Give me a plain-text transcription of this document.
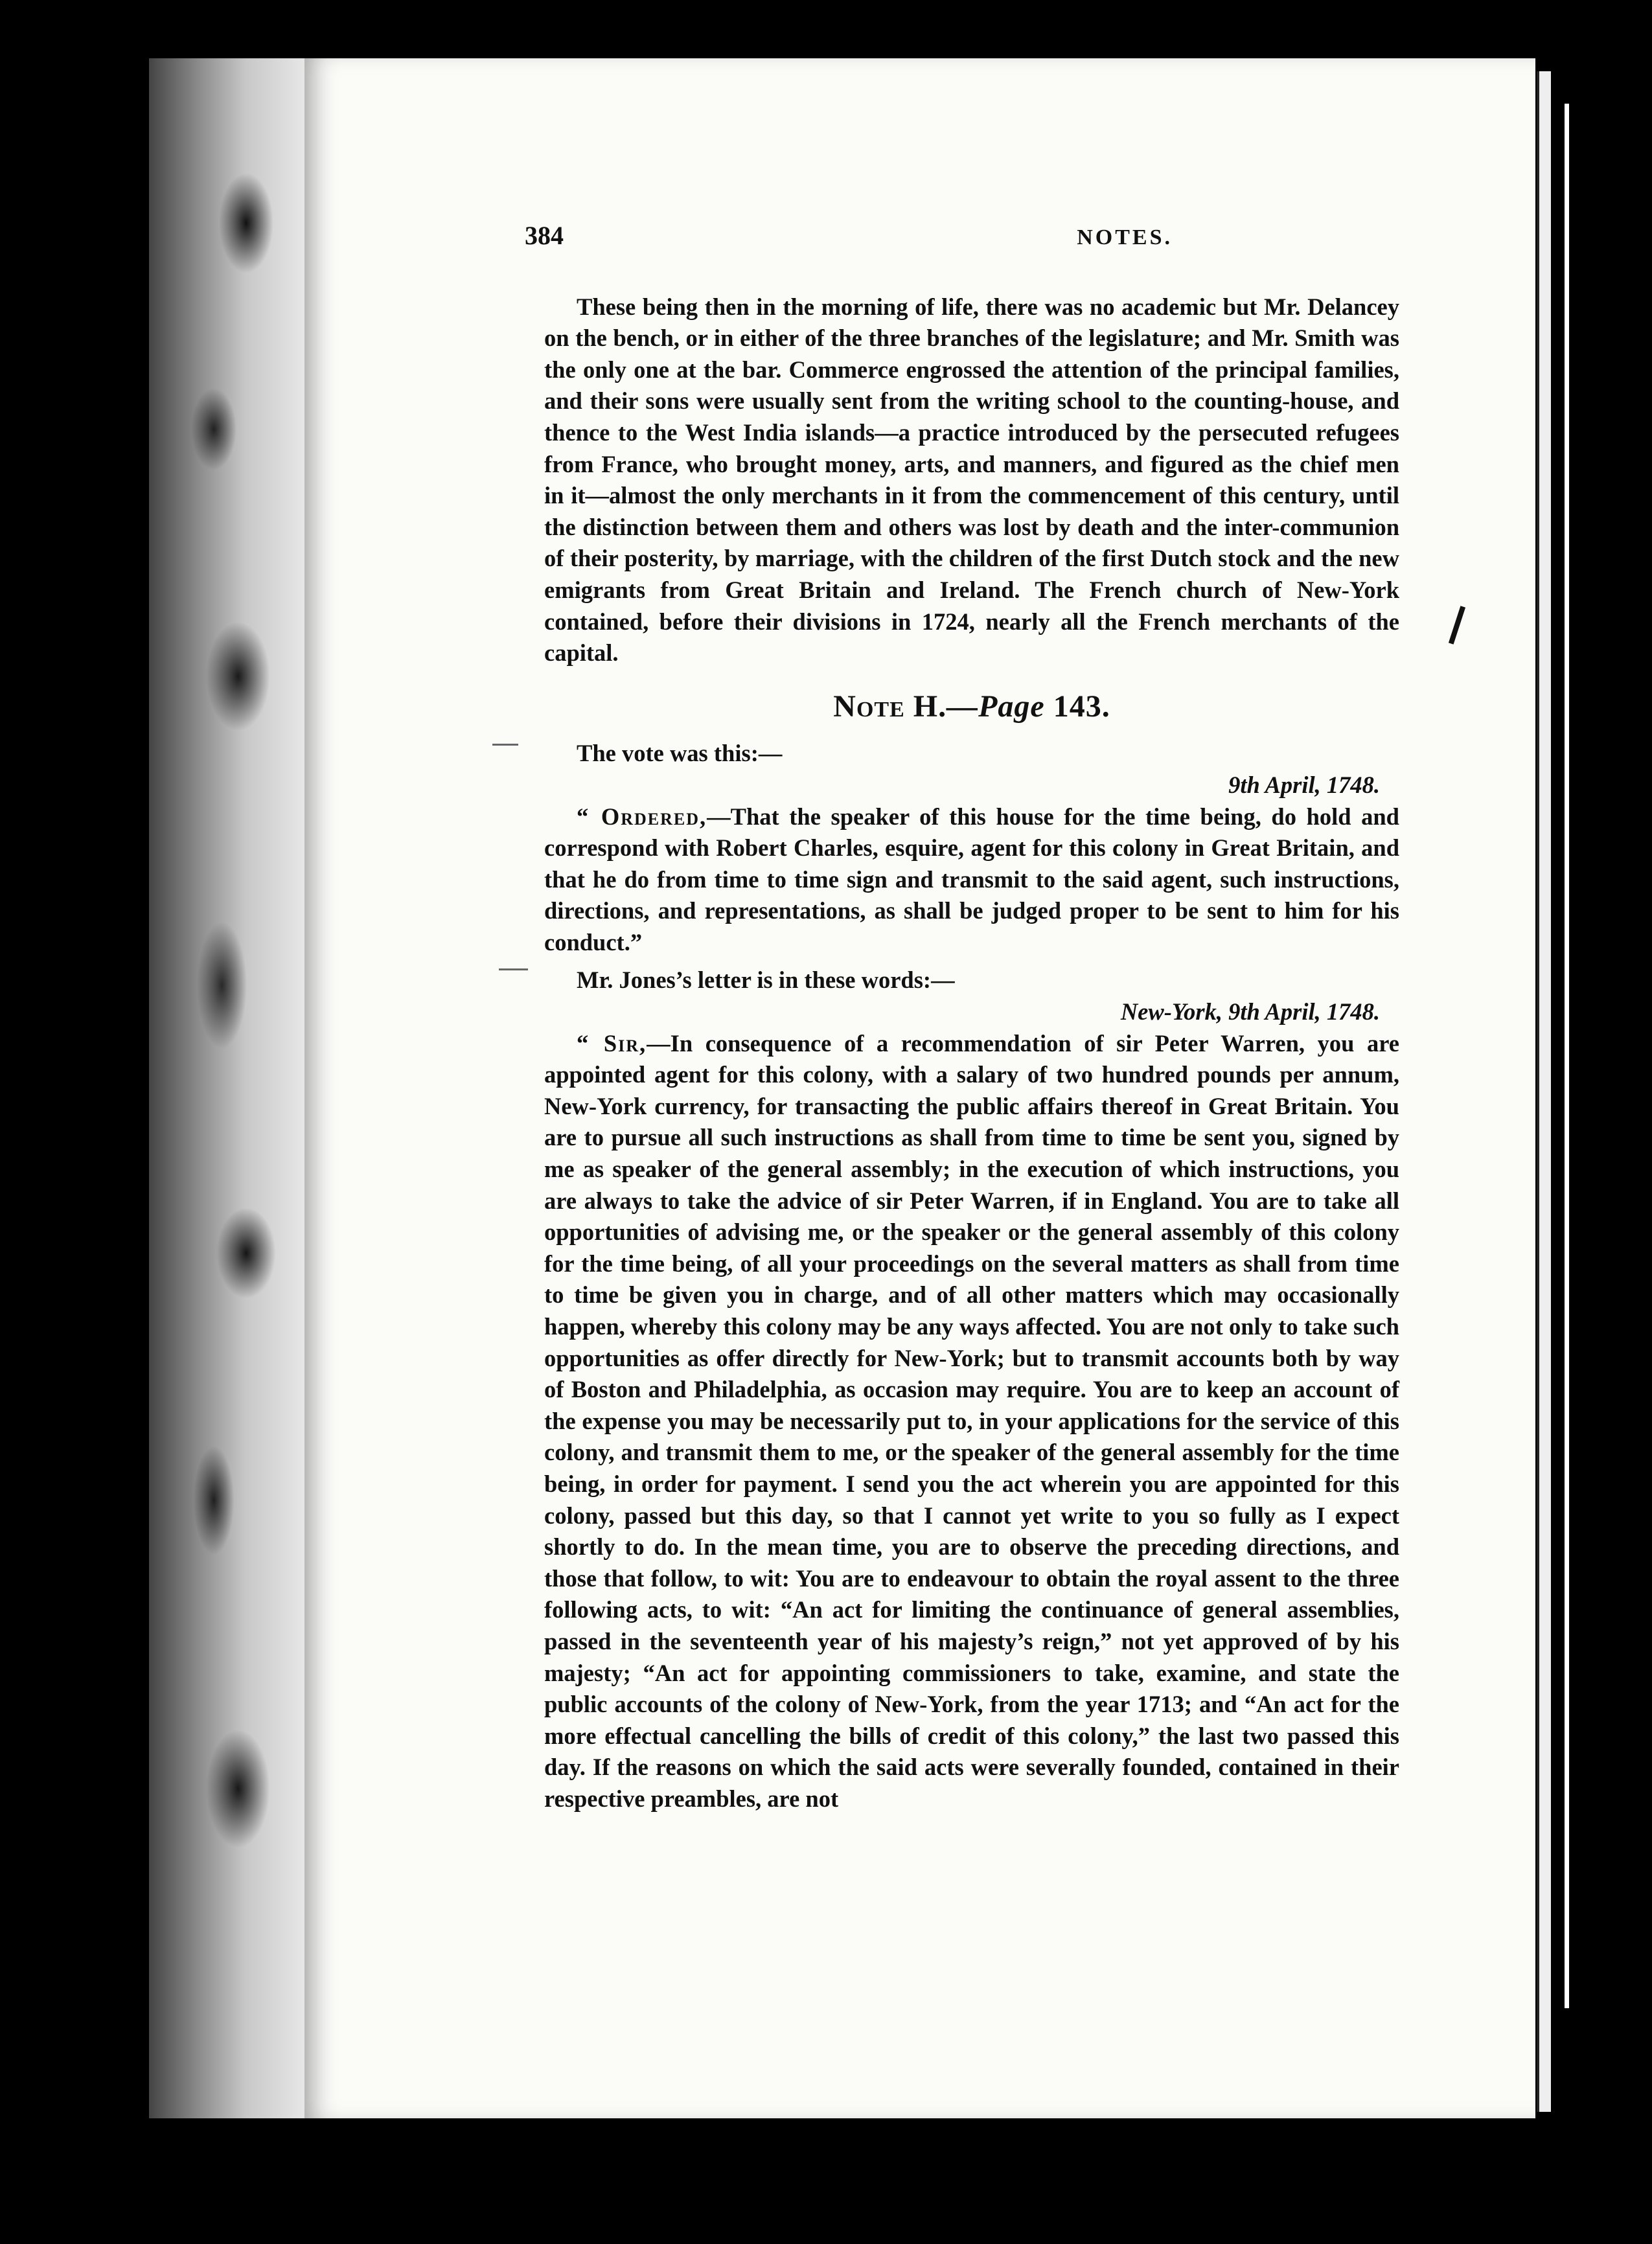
384	NOTES.

These being then in the morning of life, there was no academic but Mr. Delancey on the bench, or in either of the three branches of the legislature; and Mr. Smith was the only one at the bar. Commerce engrossed the attention of the principal families, and their sons were usually sent from the writing school to the counting-house, and thence to the West India islands—a practice introduced by the persecuted refugees from France, who brought money, arts, and manners, and figured as the chief men in it—almost the only merchants in it from the commencement of this century, until the distinction between them and others was lost by death and the inter-communion of their posterity, by marriage, with the children of the first Dutch stock and the new emigrants from Great Britain and Ireland. The French church of New-York contained, before their divisions in 1724, nearly all the French merchants of the capital.

Note H.—Page 143.

The vote was this:—

9th April, 1748.

“ Ordered,—That the speaker of this house for the time being, do hold and correspond with Robert Charles, esquire, agent for this colony in Great Britain, and that he do from time to time sign and transmit to the said agent, such instructions, directions, and representations, as shall be judged proper to be sent to him for his conduct.”

Mr. Jones’s letter is in these words:—

New-York, 9th April, 1748.

“ Sir,—In consequence of a recommendation of sir Peter Warren, you are appointed agent for this colony, with a salary of two hundred pounds per annum, New-York currency, for transacting the public affairs thereof in Great Britain. You are to pursue all such instructions as shall from time to time be sent you, signed by me as speaker of the general assembly; in the execution of which instructions, you are always to take the advice of sir Peter Warren, if in England. You are to take all opportunities of advising me, or the speaker or the general assembly of this colony for the time being, of all your proceedings on the several matters as shall from time to time be given you in charge, and of all other matters which may occasionally happen, whereby this colony may be any ways affected. You are not only to take such opportunities as offer directly for New-York; but to transmit accounts both by way of Boston and Philadelphia, as occasion may require. You are to keep an account of the expense you may be necessarily put to, in your applications for the service of this colony, and transmit them to me, or the speaker of the general assembly for the time being, in order for payment. I send you the act wherein you are appointed for this colony, passed but this day, so that I cannot yet write to you so fully as I expect shortly to do. In the mean time, you are to observe the preceding directions, and those that follow, to wit: You are to endeavour to obtain the royal assent to the three following acts, to wit: “An act for limiting the continuance of general assemblies, passed in the seventeenth year of his majesty’s reign,” not yet approved of by his majesty; “An act for appointing commissioners to take, examine, and state the public accounts of the colony of New-York, from the year 1713; and “An act for the more effectual cancelling the bills of credit of this colony,” the last two passed this day. If the reasons on which the said acts were severally founded, contained in their respective preambles, are not
